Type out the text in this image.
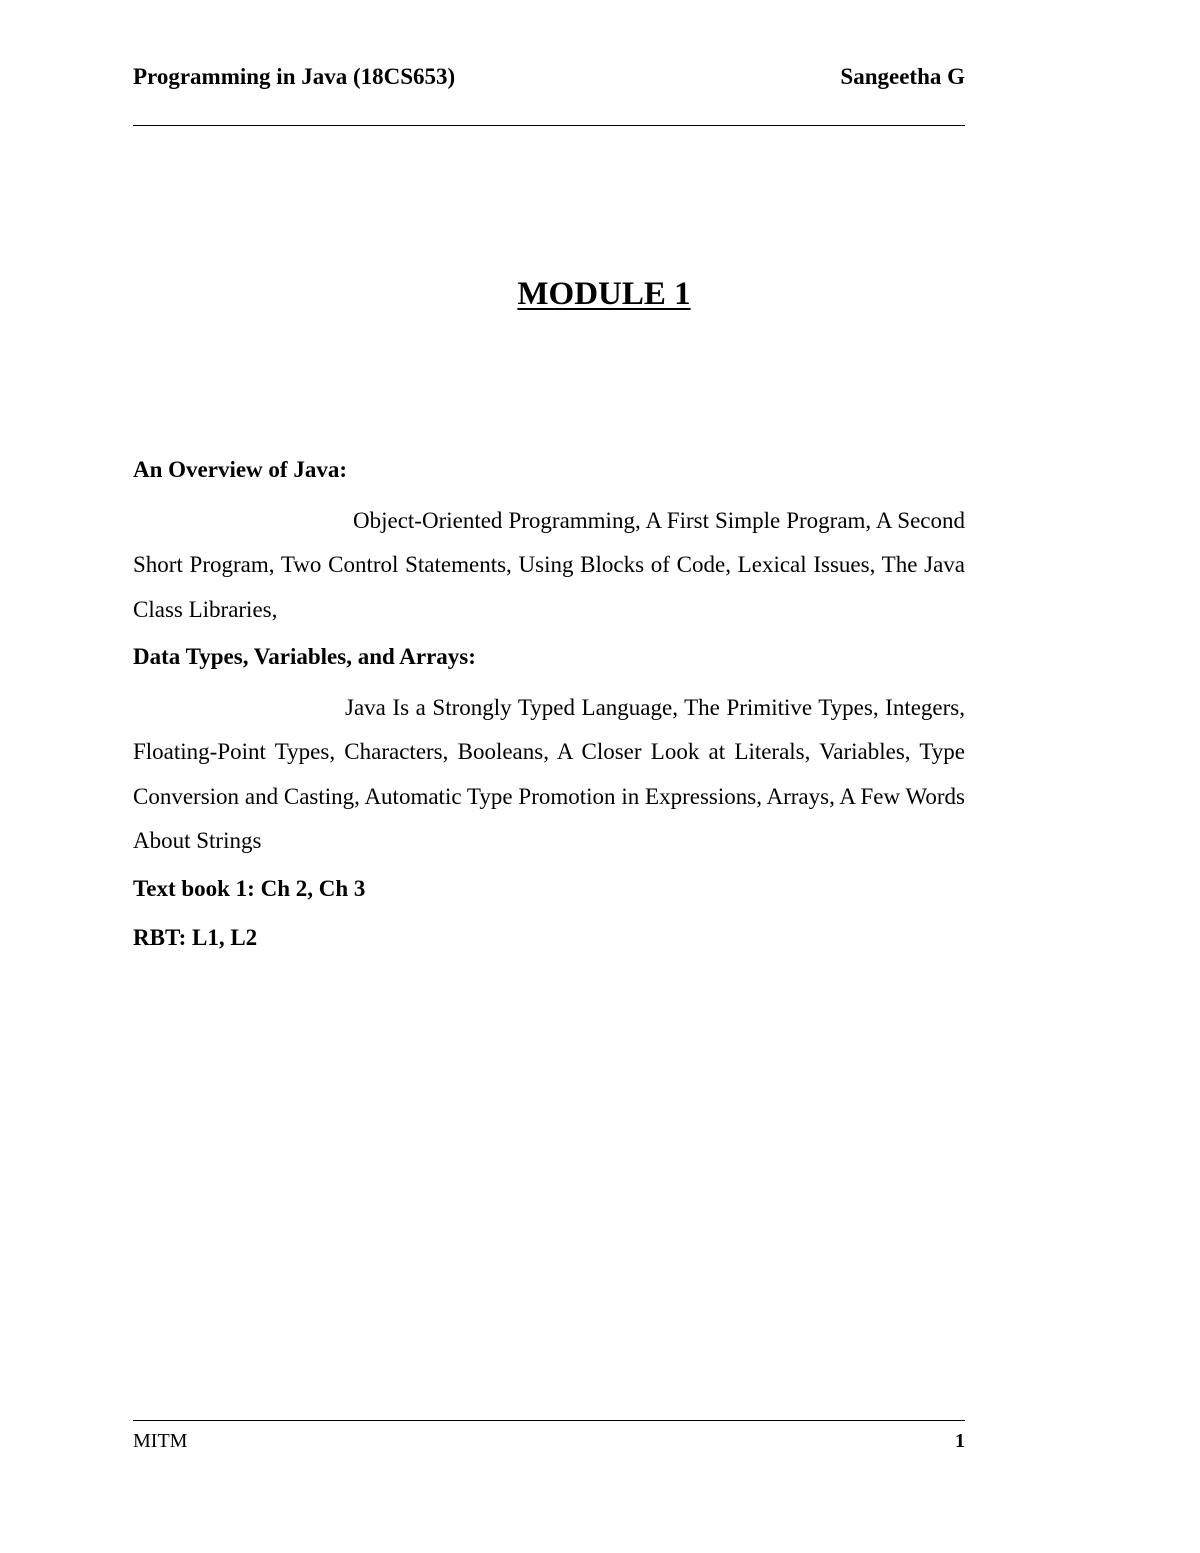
Programming in Java (18CS653)	Sangeetha G
MODULE 1
An Overview of Java:
Object-Oriented Programming, A First Simple Program, A Second Short Program, Two Control Statements, Using Blocks of Code, Lexical Issues, The Java Class Libraries,
Data Types, Variables, and Arrays:
Java Is a Strongly Typed Language, The Primitive Types, Integers, Floating-Point Types, Characters, Booleans, A Closer Look at Literals, Variables, Type Conversion and Casting, Automatic Type Promotion in Expressions, Arrays, A Few Words About Strings
Text book 1: Ch 2, Ch 3
RBT: L1, L2
MITM	1
